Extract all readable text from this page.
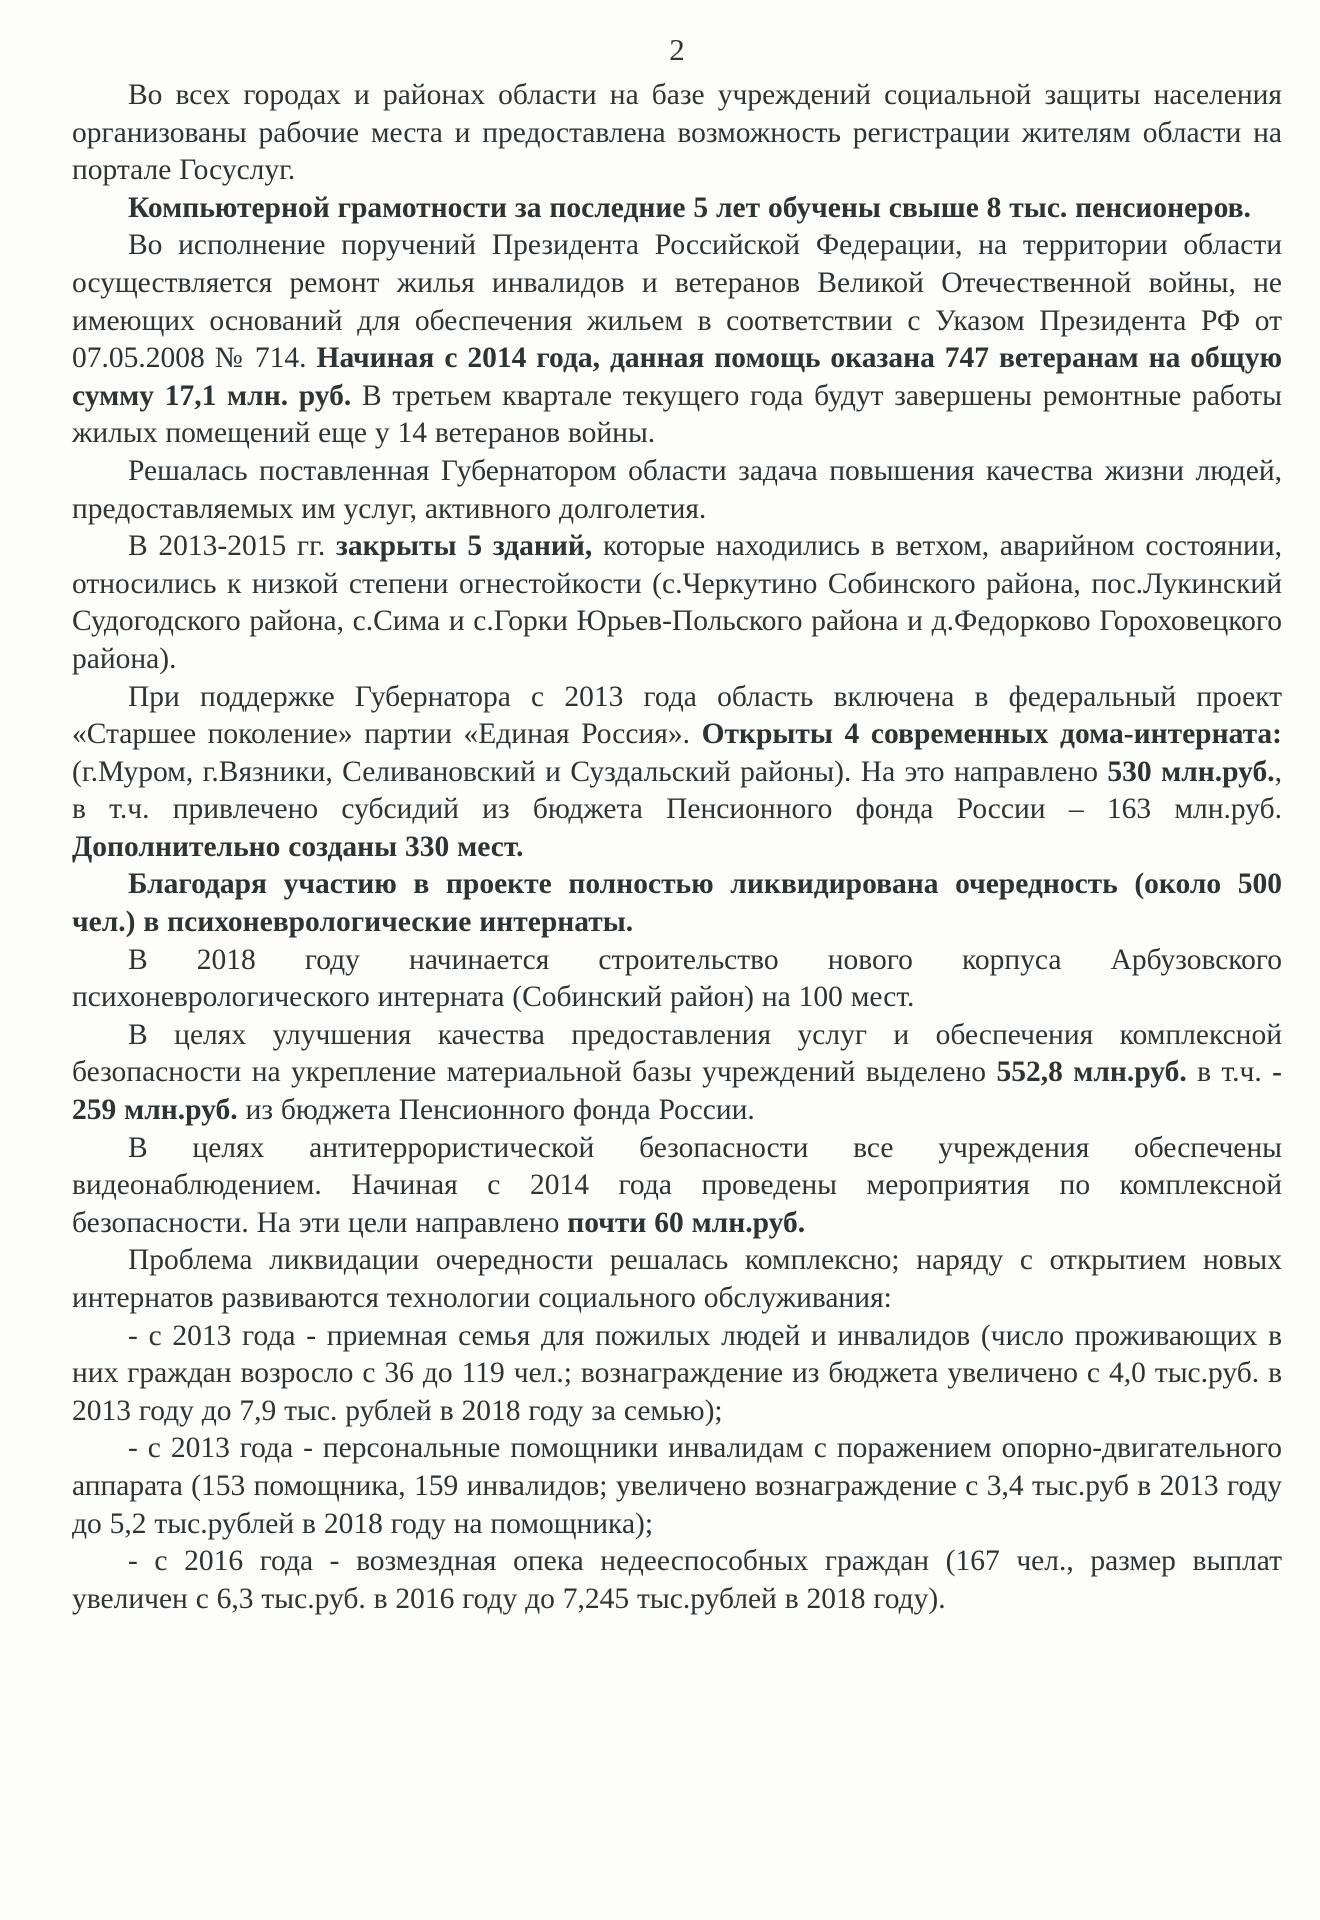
2

Во всех городах и районах области на базе учреждений социальной защиты населения организованы рабочие места и предоставлена возможность регистрации жителям области на портале Госуслуг.

Компьютерной грамотности за последние 5 лет обучены свыше 8 тыс. пенсионеров.

Во исполнение поручений Президента Российской Федерации, на территории области осуществляется ремонт жилья инвалидов и ветеранов Великой Отечественной войны, не имеющих оснований для обеспечения жильем в соответствии с Указом Президента РФ от 07.05.2008 № 714. Начиная с 2014 года, данная помощь оказана 747 ветеранам на общую сумму 17,1 млн. руб. В третьем квартале текущего года будут завершены ремонтные работы жилых помещений еще у 14 ветеранов войны.

Решалась поставленная Губернатором области задача повышения качества жизни людей, предоставляемых им услуг, активного долголетия.

В 2013-2015 гг. закрыты 5 зданий, которые находились в ветхом, аварийном состоянии, относились к низкой степени огнестойкости (с.Черкутино Собинского района, пос.Лукинский Судогодского района, с.Сима и с.Горки Юрьев-Польского района и д.Федорково Гороховецкого района).

При поддержке Губернатора с 2013 года область включена в федеральный проект «Старшее поколение» партии «Единая Россия». Открыты 4 современных дома-интерната: (г.Муром, г.Вязники, Селивановский и Суздальский районы). На это направлено 530 млн.руб., в т.ч. привлечено субсидий из бюджета Пенсионного фонда России – 163 млн.руб. Дополнительно созданы 330 мест.

Благодаря участию в проекте полностью ликвидирована очередность (около 500 чел.) в психоневрологические интернаты.

В 2018 году начинается строительство нового корпуса Арбузовского психоневрологического интерната (Собинский район) на 100 мест.

В целях улучшения качества предоставления услуг и обеспечения комплексной безопасности на укрепление материальной базы учреждений выделено 552,8 млн.руб. в т.ч. - 259 млн.руб. из бюджета Пенсионного фонда России.

В целях антитеррористической безопасности все учреждения обеспечены видеонаблюдением. Начиная с 2014 года проведены мероприятия по комплексной безопасности. На эти цели направлено почти 60 млн.руб.

Проблема ликвидации очередности решалась комплексно; наряду с открытием новых интернатов развиваются технологии социального обслуживания:

- с 2013 года - приемная семья для пожилых людей и инвалидов (число проживающих в них граждан возросло с 36 до 119 чел.; вознаграждение из бюджета увеличено с 4,0 тыс.руб. в 2013 году до 7,9 тыс. рублей в 2018 году за семью);

- с 2013 года - персональные помощники инвалидам с поражением опорно-двигательного аппарата (153 помощника, 159 инвалидов; увеличено вознаграждение с 3,4 тыс.руб в 2013 году до 5,2 тыс.рублей в 2018 году на помощника);

- с 2016 года - возмездная опека недееспособных граждан (167 чел., размер выплат увеличен с 6,3 тыс.руб. в 2016 году до 7,245 тыс.рублей в 2018 году).
